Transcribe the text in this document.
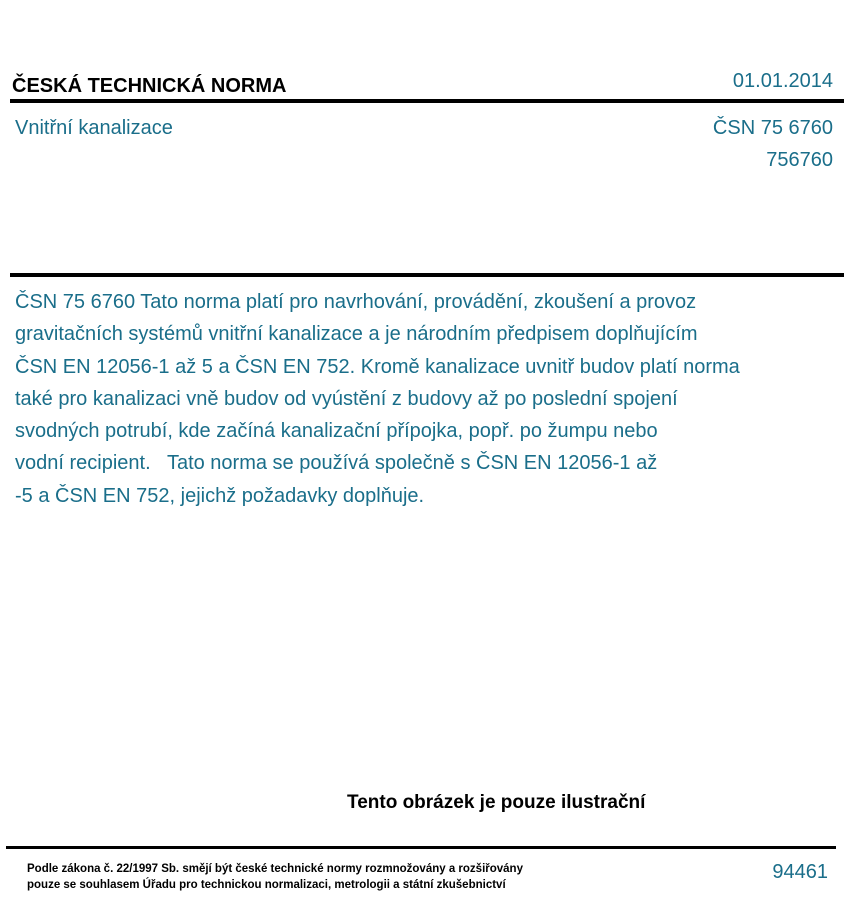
ČESKÁ TECHNICKÁ NORMA	01.01.2014
Vnitřní kanalizace	ČSN 75 6760
756760
ČSN 75 6760 Tato norma platí pro navrhování, provádění, zkoušení a provoz
gravitačních systémů vnitřní kanalizace a je národním předpisem doplňujícím
ČSN EN 12056-1 až 5 a ČSN EN 752. Kromě kanalizace uvnitř budov platí norma
také pro kanalizaci vně budov od vyústění z budovy až po poslední spojení
svodných potrubí, kde začíná kanalizační přípojka, popř. po žumpu nebo
vodní recipient.   Tato norma se používá společně s ČSN EN 12056-1 až
-5 a ČSN EN 752, jejichž požadavky doplňuje.
Tento obrázek je pouze ilustrační
Podle zákona č. 22/1997 Sb. smějí být české technické normy rozmnožovány a rozšiřovány
pouze se souhlasem Úřadu pro technickou normalizaci, metrologii a státní zkušebnictví
94461
